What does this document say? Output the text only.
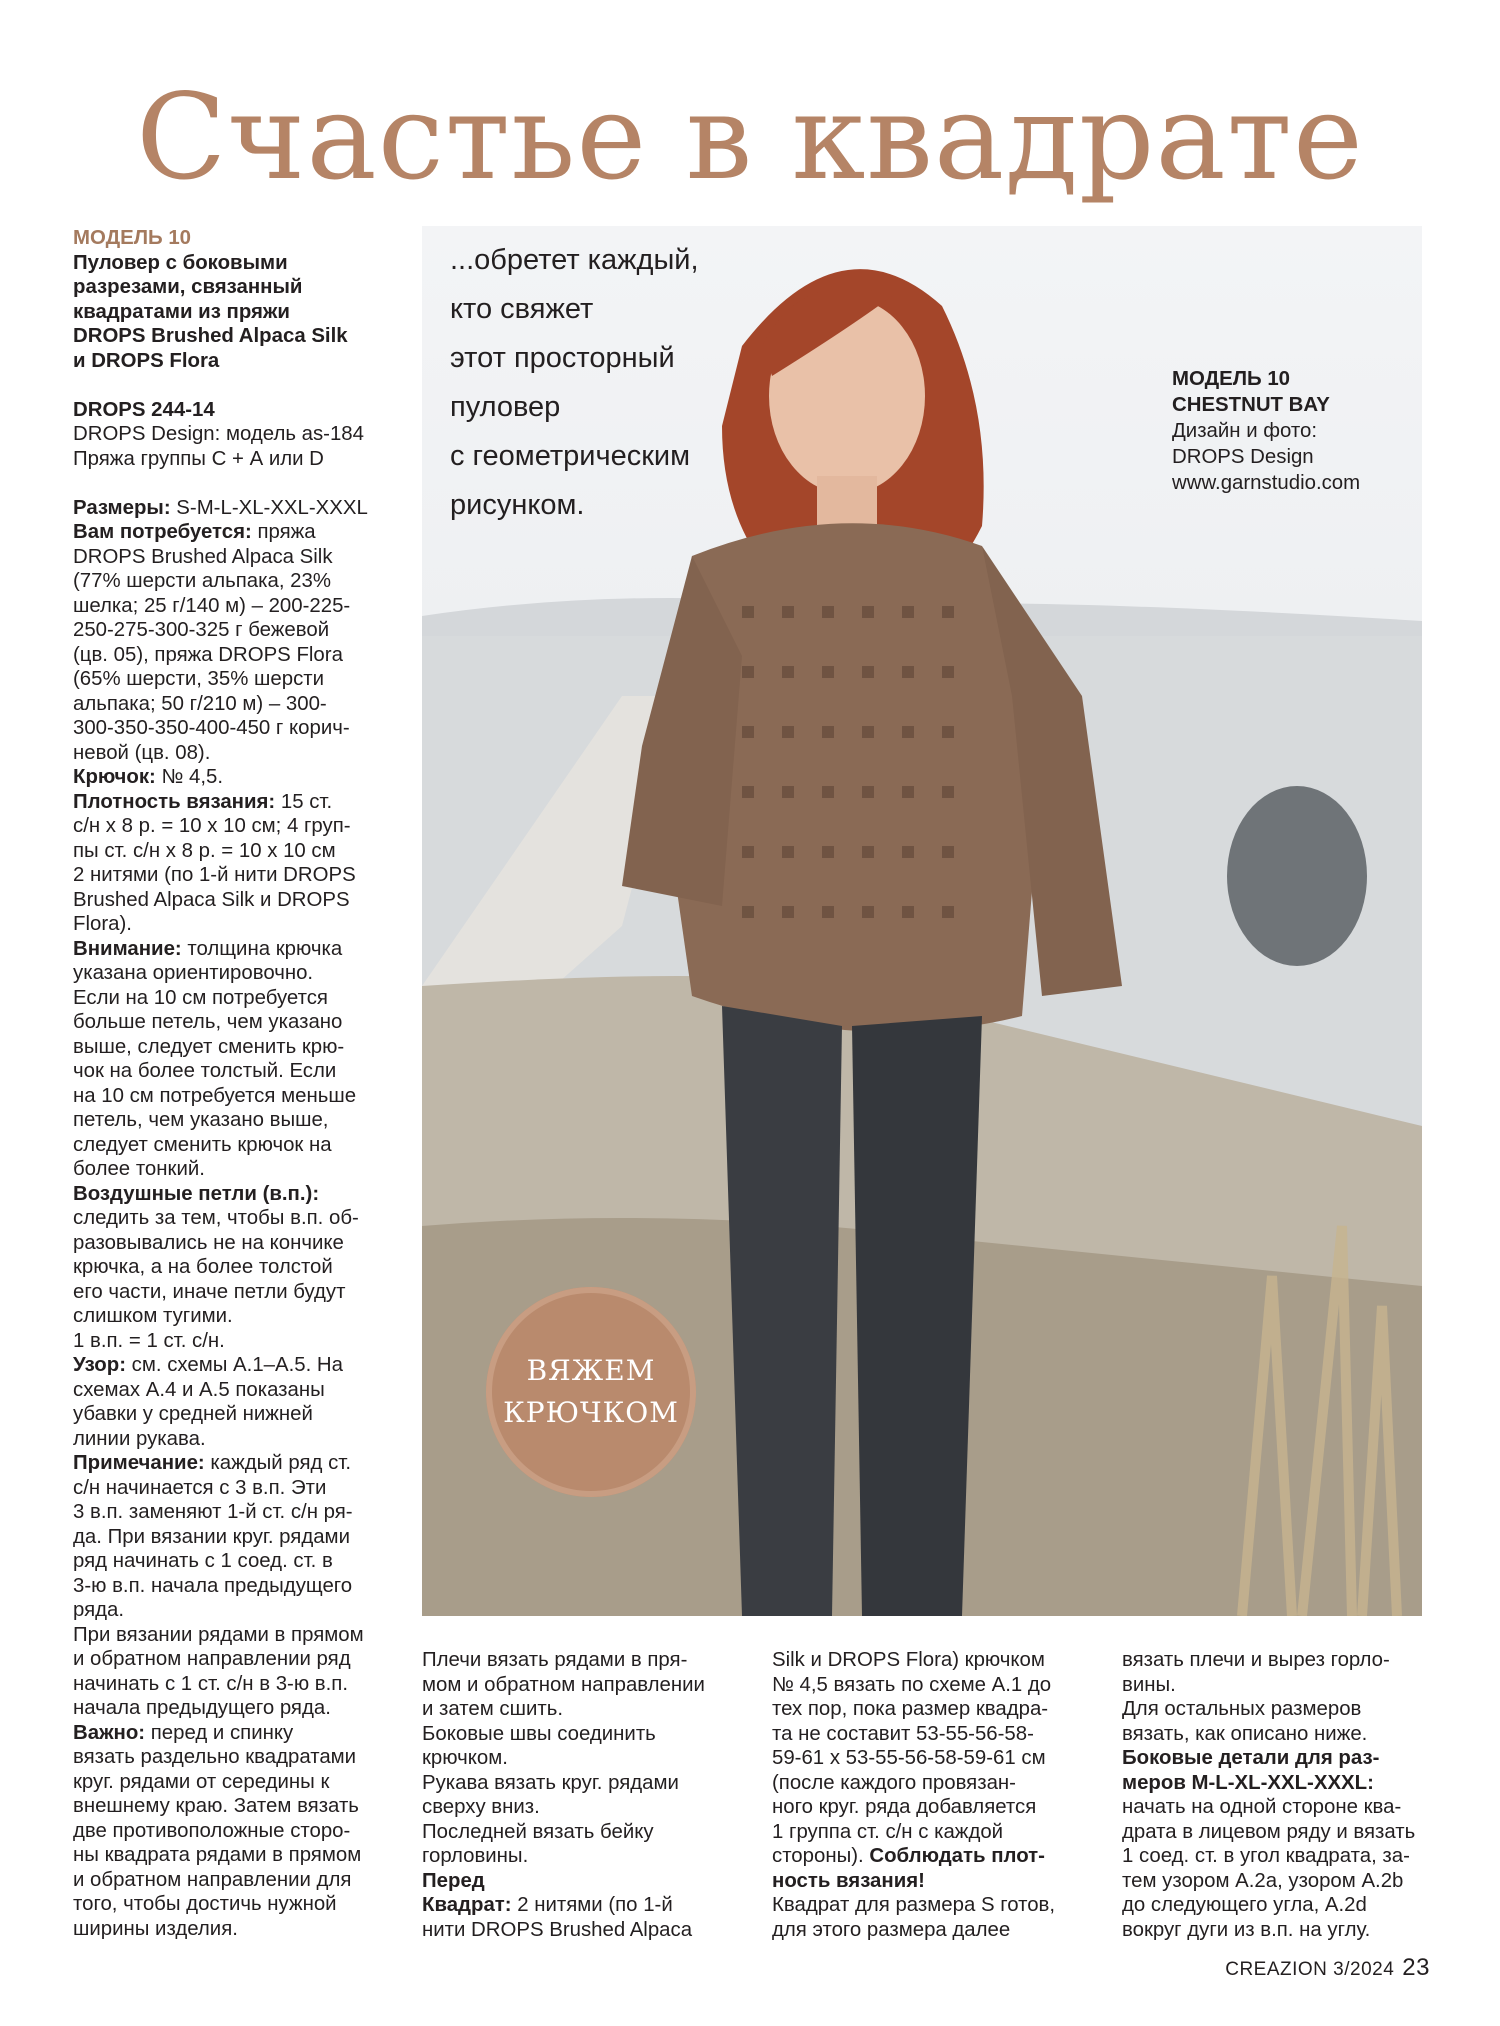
Счастье в квадрате

МОДЕЛЬ 10

Пуловер с боковыми

разрезами, связанный

квадратами из пряжи

DROPS Brushed Alpaca Silk

и DROPS Flora

DROPS 244-14

DROPS Design: модель as-184

Пряжа группы С + А или D

Размеры: S-M-L-XL-XXL-XXXL

Вам потребуется: пряжа

DROPS Brushed Alpaca Silk

(77% шерсти альпака, 23%

шелка; 25 г/140 м) – 200-225-

250-275-300-325 г бежевой

(цв. 05), пряжа DROPS Flora

(65% шерсти, 35% шерсти

альпака; 50 г/210 м) – 300-

300-350-350-400-450 г корич-

невой (цв. 08).

Крючок: № 4,5.

Плотность вязания: 15 ст.

с/н х 8 р. = 10 х 10 см; 4 груп-

пы ст. с/н х 8 р. = 10 х 10 см

2 нитями (по 1-й нити DROPS

Brushed Alpaca Silk и DROPS

Flora).

Внимание: толщина крючка

указана ориентировочно.

Если на 10 см потребуется

больше петель, чем указано

выше, следует сменить крю-

чок на более толстый. Если

на 10 см потребуется меньше

петель, чем указано выше,

следует сменить крючок на

более тонкий.

Воздушные петли (в.п.):

следить за тем, чтобы в.п. об-

разовывались не на кончике

крючка, а на более толстой

его части, иначе петли будут

слишком тугими.

1 в.п. = 1 ст. с/н.

Узор: см. схемы А.1–А.5. На

схемах А.4 и А.5 показаны

убавки у средней нижней

линии рукава.

Примечание: каждый ряд ст.

с/н начинается с 3 в.п. Эти

3 в.п. заменяют 1-й ст. с/н ря-

да. При вязании круг. рядами

ряд начинать с 1 соед. ст. в

3-ю в.п. начала предыдущего

ряда.

При вязании рядами в прямом

и обратном направлении ряд

начинать с 1 ст. с/н в 3-ю в.п.

начала предыдущего ряда.

Важно: перед и спинку

вязать раздельно квадратами

круг. рядами от середины к

внешнему краю. Затем вязать

две противоположные сторо-

ны квадрата рядами в прямом

и обратном направлении для

того, чтобы достичь нужной

ширины изделия.

...обретет каждый,

кто свяжет

этот просторный

пуловер

с геометрическим

рисунком.

МОДЕЛЬ 10

CHESTNUT BAY

Дизайн и фото:

DROPS Design

www.garnstudio.com

ВЯЖЕМ
КРЮЧКОМ

Плечи вязать рядами в пря-

мом и обратном направлении

и затем сшить.

Боковые швы соединить

крючком.

Рукава вязать круг. рядами

сверху вниз.

Последней вязать бейку

горловины.

Перед

Квадрат: 2 нитями (по 1-й

нити DROPS Brushed Alpaca

Silk и DROPS Flora) крючком

№ 4,5 вязать по схеме А.1 до

тех пор, пока размер квадра-

та не составит 53-55-56-58-

59-61 х 53-55-56-58-59-61 см

(после каждого провязан-

ного круг. ряда добавляется

1 группа ст. с/н с каждой

стороны). Соблюдать плот-

ность вязания!

Квадрат для размера S готов,

для этого размера далее

вязать плечи и вырез горло-

вины.

Для остальных размеров

вязать, как описано ниже.

Боковые детали для раз-

меров М-L-XL-XXL-XXXL:

начать на одной стороне ква-

драта в лицевом ряду и вязать

1 соед. ст. в угол квадрата, за-

тем узором А.2а, узором А.2b

до следующего угла, А.2d

вокруг дуги из в.п. на углу.

CREAZION 3/2024 23
